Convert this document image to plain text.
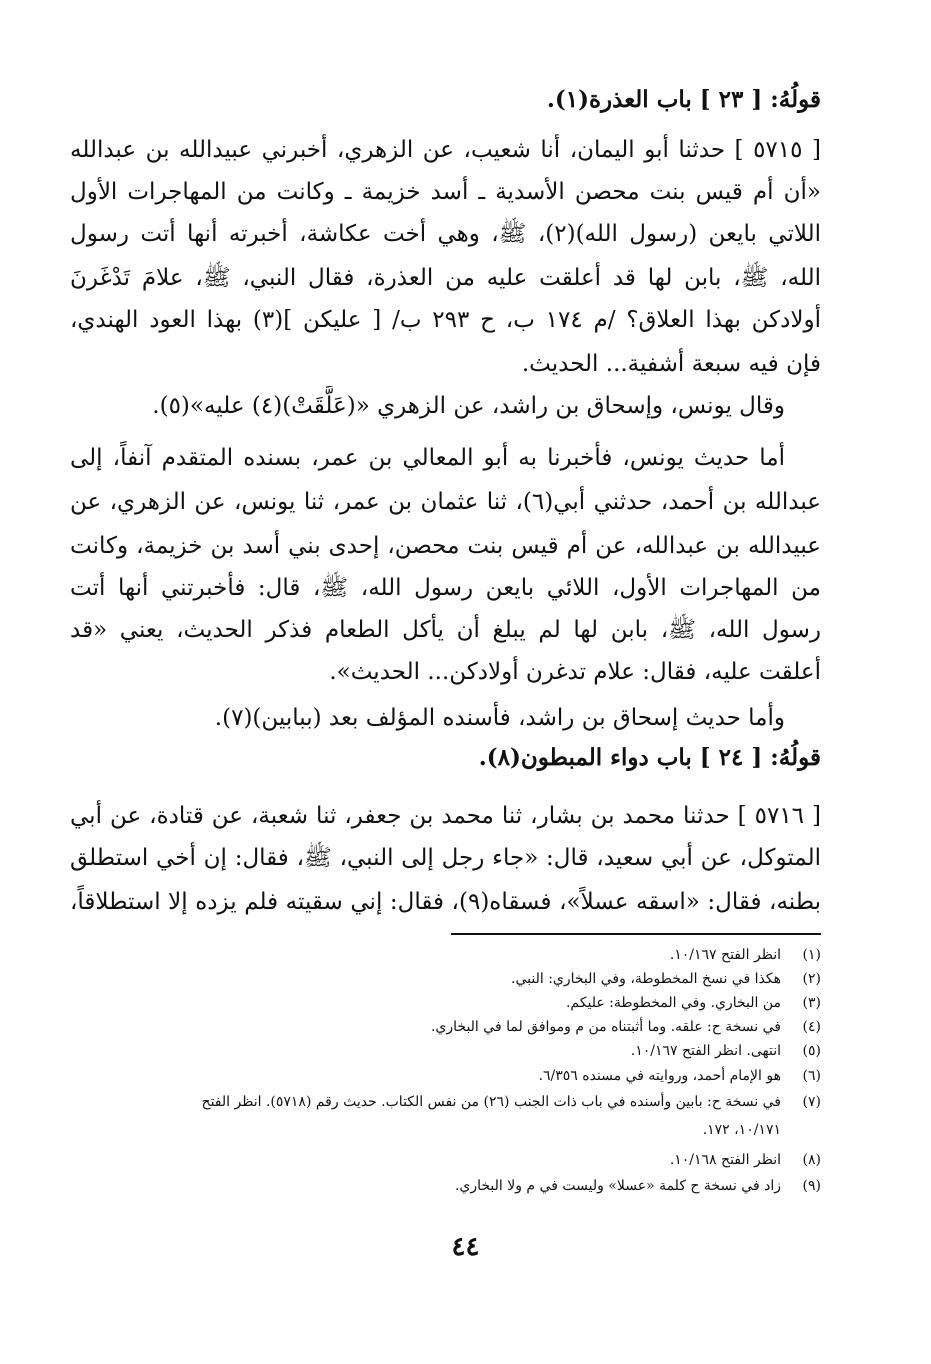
قولُهُ: [ ٢٣ ] باب العذرة(١).
[ ٥٧١٥ ] حدثنا أبو اليمان، أنا شعيب، عن الزهري، أخبرني عبيدالله بن عبدالله
«أن أم قيس بنت محصن الأسدية ـ أسد خزيمة ـ وكانت من المهاجرات الأول
اللاتي بايعن (رسول الله)(٢)، ﷺ، وهي أخت عكاشة، أخبرته أنها أتت رسول
الله، ﷺ، بابن لها قد أعلقت عليه من العذرة، فقال النبي، ﷺ، علامَ تَدْغَرنَ
أولادكن بهذا العلاق؟ /م ١٧٤ ب، ح ٢٩٣ ب/ [ عليكن ](٣) بهذا العود الهندي،
فإن فيه سبعة أشفية... الحديث.
وقال يونس، وإسحاق بن راشد، عن الزهري «(عَلَّقَتْ)(٤) عليه»(٥).
أما حديث يونس، فأخبرنا به أبو المعالي بن عمر، بسنده المتقدم آنفاً، إلى
عبدالله بن أحمد، حدثني أبي(٦)، ثنا عثمان بن عمر، ثنا يونس، عن الزهري، عن
عبيدالله بن عبدالله، عن أم قيس بنت محصن، إحدى بني أسد بن خزيمة، وكانت
من المهاجرات الأول، اللائي بايعن رسول الله، ﷺ، قال: فأخبرتني أنها أتت
رسول الله، ﷺ، بابن لها لم يبلغ أن يأكل الطعام فذكر الحديث، يعني «قد
أعلقت عليه، فقال: علام تدغرن أولادكن... الحديث».
وأما حديث إسحاق بن راشد، فأسنده المؤلف بعد (ببابين)(٧).
قولُهُ: [ ٢٤ ] باب دواء المبطون(٨).
[ ٥٧١٦ ] حدثنا محمد بن بشار، ثنا محمد بن جعفر، ثنا شعبة، عن قتادة، عن أبي
المتوكل، عن أبي سعيد، قال: «جاء رجل إلى النبي، ﷺ، فقال: إن أخي استطلق
بطنه، فقال: «اسقه عسلاً»، فسقاه(٩)، فقال: إني سقيته فلم يزده إلا استطلاقاً،
(١)انظر الفتح ١٠/١٦٧.
(٢)هكذا في نسخ المخطوطة، وفي البخاري: النبي.
(٣)من البخاري. وفي المخطوطة: عليكم.
(٤)في نسخة ح: علقه. وما أثبتناه من م وموافق لما في البخاري.
(٥)انتهى. انظر الفتح ١٠/١٦٧.
(٦)هو الإمام أحمد، وروايته في مسنده ٦/٣٥٦.
(٧)في نسخة ح: بابين وأسنده في باب ذات الجنب (٢٦) من نفس الكتاب. حديث رقم (٥٧١٨). انظر الفتح
١٠/١٧١، ١٧٢.
(٨)انظر الفتح ١٠/١٦٨.
(٩)زاد في نسخة ح كلمة «عسلا» وليست في م ولا البخاري.
٤٤
